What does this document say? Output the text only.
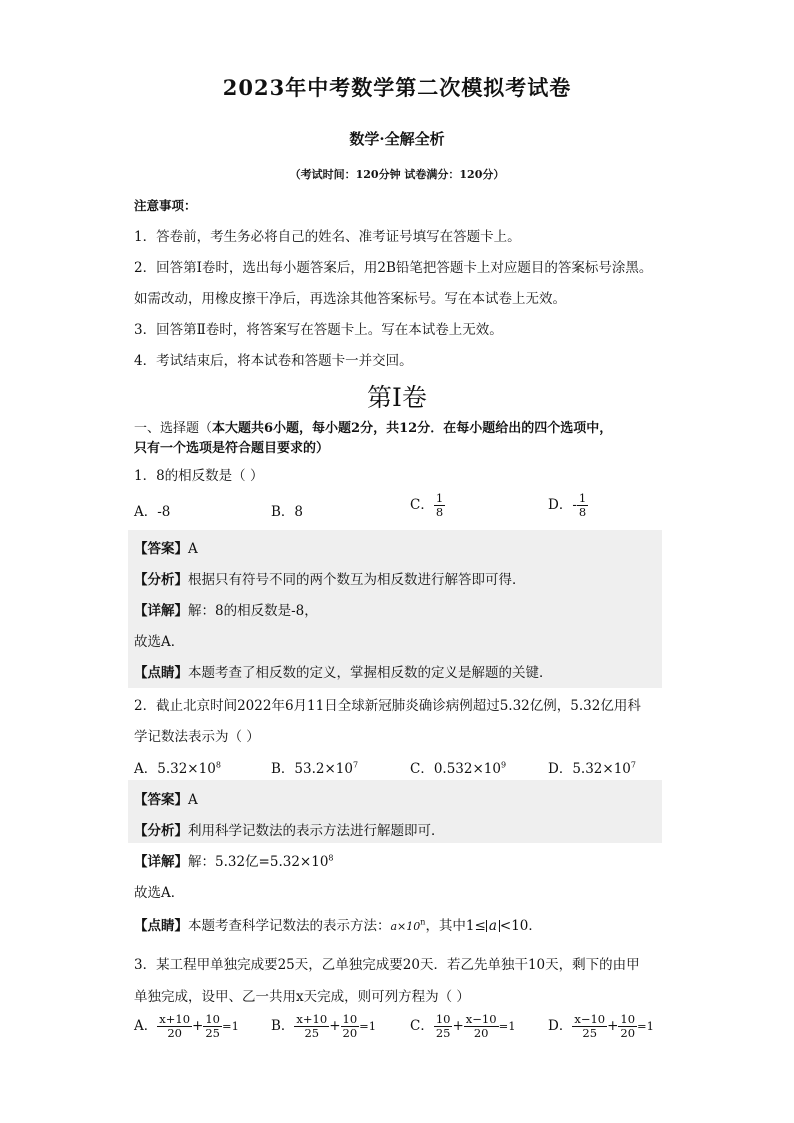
2023年中考数学第二次模拟考试卷
数学·全解全析
（考试时间：120分钟 试卷满分：120分）
注意事项：
1．答卷前，考生务必将自己的姓名、准考证号填写在答题卡上。
2．回答第Ⅰ卷时，选出每小题答案后，用2B铅笔把答题卡上对应题目的答案标号涂黑。
如需改动，用橡皮擦干净后，再选涂其他答案标号。写在本试卷上无效。
3．回答第Ⅱ卷时，将答案写在答题卡上。写在本试卷上无效。
4．考试结束后，将本试卷和答题卡一并交回。
第Ⅰ卷
一、选择题（本大题共6小题，每小题2分，共12分．在每小题给出的四个选项中，
只有一个选项是符合题目要求的）
1．8的相反数是（ ）
A．-8	B．8	C． $\frac{1}{8}$	D．- $\frac{1}{8}$
【答案】A
【分析】根据只有符号不同的两个数互为相反数进行解答即可得．
【详解】解：8的相反数是-8，
故选A．
【点睛】本题考查了相反数的定义，掌握相反数的定义是解题的关键．
2．截止北京时间2022年6月11日全球新冠肺炎确诊病例超过5.32亿例，5.32亿用科
学记数法表示为（ ）
A．$5.32\times 10^8$	B．$53.2\times 10^7$	C．$0.532\times 10^9$	D．$5.32\times 10^7$
【答案】A
【分析】利用科学记数法的表示方法进行解题即可．
【详解】解：5.32亿$=5.32\times 10^8$
故选A．
【点睛】本题考查科学记数法的表示方法：$a\times 10^n$，其中1≤ a <10．
3．某工程甲单独完成要25天，乙单独完成要20天．若乙先单独干10天，剩下的由甲
单独完成，设甲、乙一共用x天完成，则可列方程为（ ）
A． $\frac{x+10}{20} + \frac{10}{25} =1$ B． $\frac{x+10}{25} + \frac{10}{20} =1$	C． $\frac{10}{25} + \frac{x-10}{20} =1$ D． $\frac{x-10}{25} + \frac{10}{20} =1$
